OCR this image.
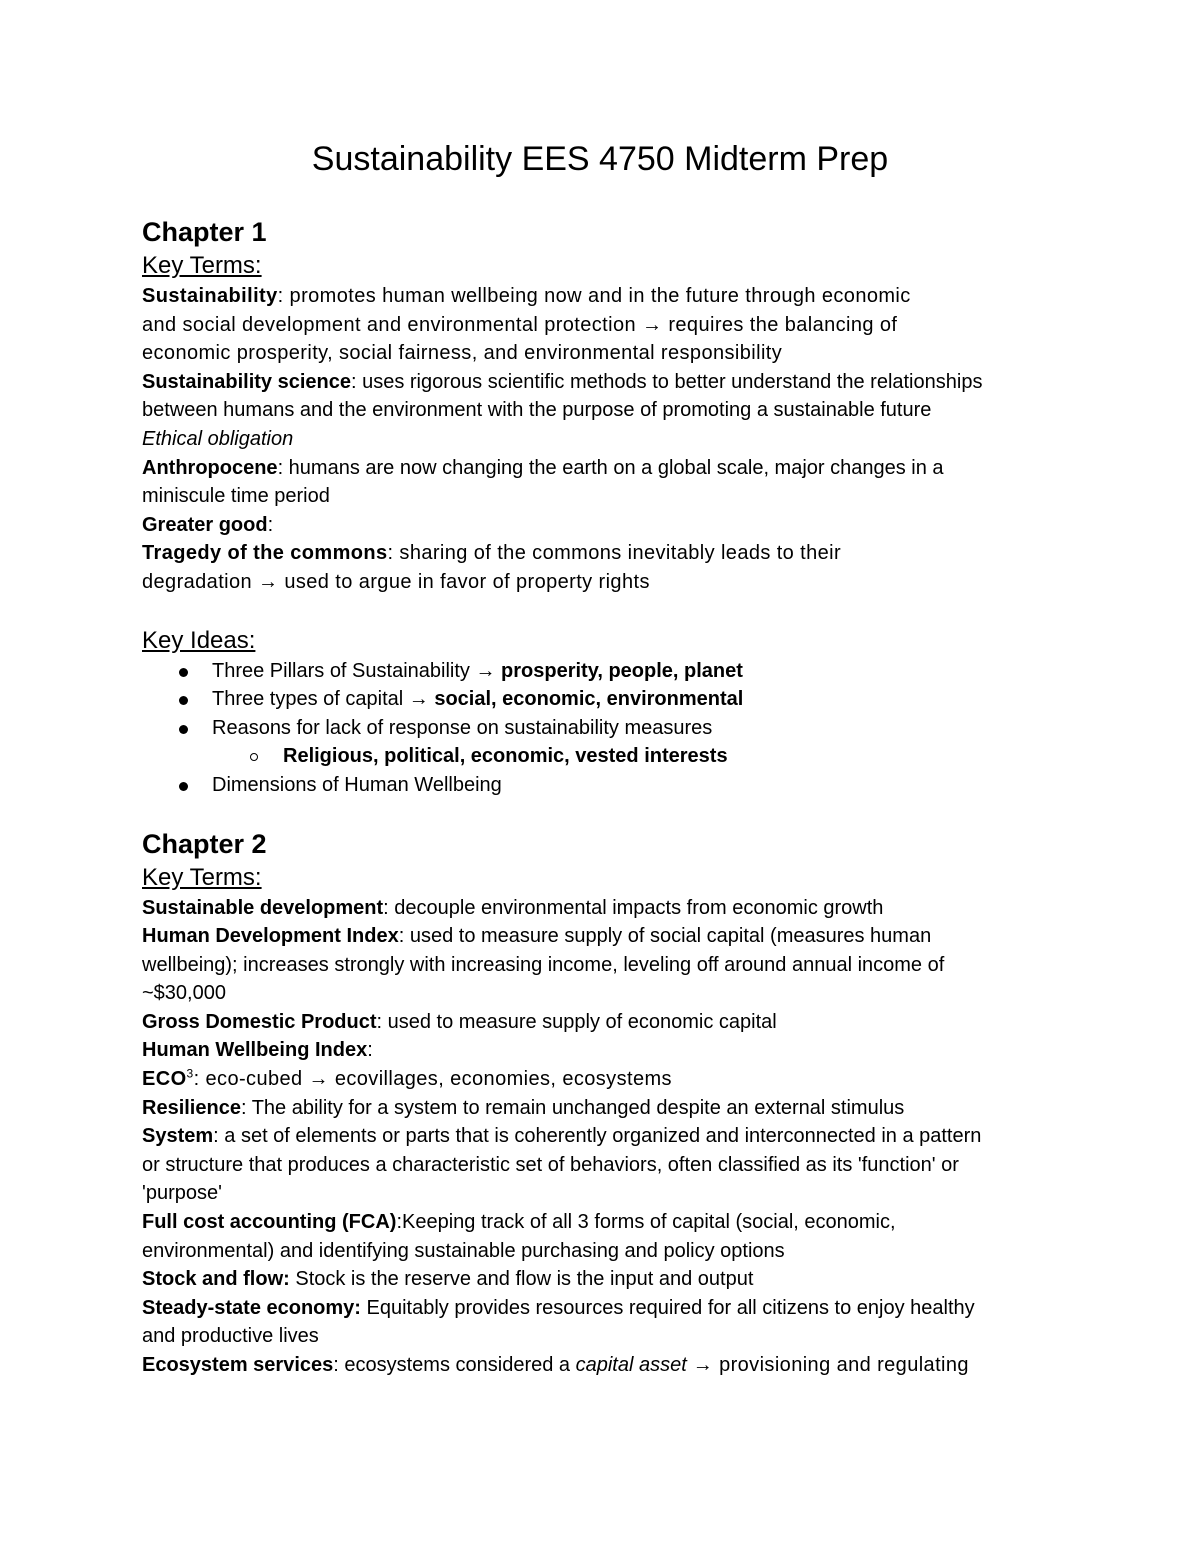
Sustainability EES 4750 Midterm Prep
Chapter 1
Key Terms:
Sustainability: promotes human wellbeing now and in the future through economic
and social development and environmental protection → requires the balancing of
economic prosperity, social fairness, and environmental responsibility
Sustainability science: uses rigorous scientific methods to better understand the relationships
between humans and the environment with the purpose of promoting a sustainable future
Ethical obligation
Anthropocene: humans are now changing the earth on a global scale, major changes in a
miniscule time period
Greater good:
Tragedy of the commons: sharing of the commons inevitably leads to their
degradation → used to argue in favor of property rights
Key Ideas:
Three Pillars of Sustainability → prosperity, people, planet
Three types of capital → social, economic, environmental
Reasons for lack of response on sustainability measures
Religious, political, economic, vested interests
Dimensions of Human Wellbeing
Chapter 2
Key Terms:
Sustainable development: decouple environmental impacts from economic growth
Human Development Index: used to measure supply of social capital (measures human
wellbeing); increases strongly with increasing income, leveling off around annual income of
~$30,000
Gross Domestic Product: used to measure supply of economic capital
Human Wellbeing Index:
ECO$^3$: eco-cubed → ecovillages, economies, ecosystems
Resilience: The ability for a system to remain unchanged despite an external stimulus
System: a set of elements or parts that is coherently organized and interconnected in a pattern
or structure that produces a characteristic set of behaviors, often classified as its 'function' or
'purpose'
Full cost accounting (FCA):Keeping track of all 3 forms of capital (social, economic,
environmental) and identifying sustainable purchasing and policy options
Stock and flow: Stock is the reserve and flow is the input and output
Steady-state economy: Equitably provides resources required for all citizens to enjoy healthy
and productive lives
Ecosystem services: ecosystems considered a capital asset → provisioning and regulating
